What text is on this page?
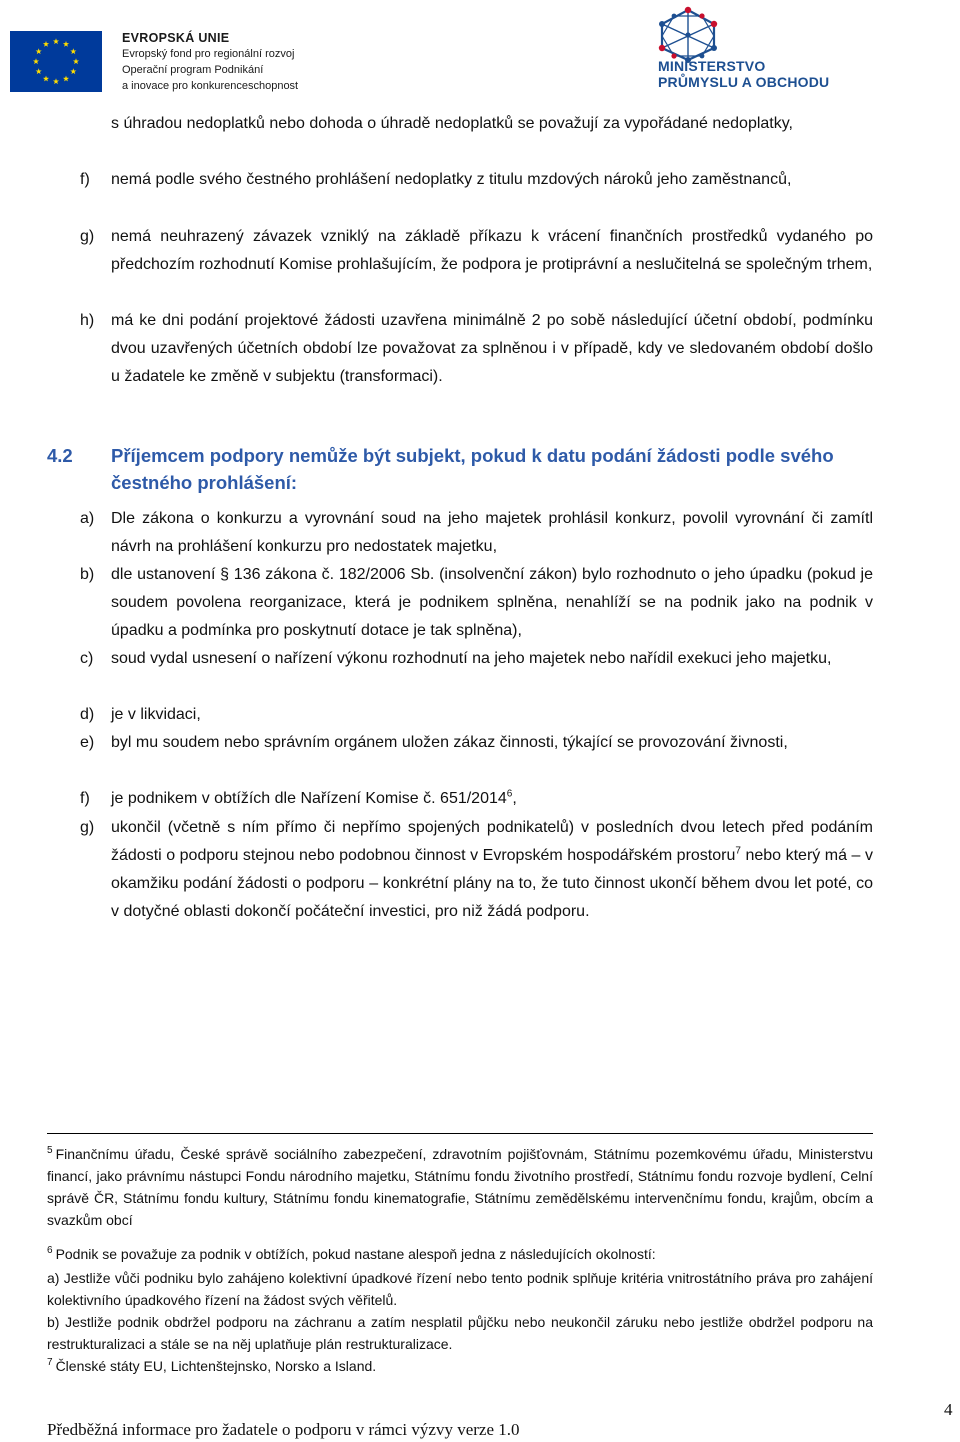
EVROPSKÁ UNIE
Evropský fond pro regionální rozvoj
Operační program Podnikání
a inovace pro konkurenceschopnost
MINISTERSTVO
PRŮMYSLU A OBCHODU
s úhradou nedoplatků nebo dohoda o úhradě nedoplatků se považují za vypořádané nedoplatky,
f) nemá podle svého čestného prohlášení nedoplatky z titulu mzdových nároků jeho zaměstnanců,
g) nemá neuhrazený závazek vzniklý na základě příkazu k vrácení finančních prostředků vydaného po předchozím rozhodnutí Komise prohlašujícím, že podpora je protiprávní a neslučitelná se společným trhem,
h) má ke dni podání projektové žádosti uzavřena minimálně 2 po sobě následující účetní období, podmínku dvou uzavřených účetních období lze považovat za splněnou i v případě, kdy ve sledovaném období došlo u žadatele ke změně v subjektu (transformaci).
4.2 Příjemcem podpory nemůže být subjekt, pokud k datu podání žádosti podle svého čestného prohlášení:
a) Dle zákona o konkurzu a vyrovnání soud na jeho majetek prohlásil konkurz, povolil vyrovnání či zamítl návrh na prohlášení konkurzu pro nedostatek majetku,
b) dle ustanovení § 136 zákona č. 182/2006 Sb. (insolvenční zákon) bylo rozhodnuto o jeho úpadku (pokud je soudem povolena reorganizace, která je podnikem splněna, nenahlíží se na podnik jako na podnik v úpadku a podmínka pro poskytnutí dotace je tak splněna),
c) soud vydal usnesení o nařízení výkonu rozhodnutí na jeho majetek nebo nařídil exekuci jeho majetku,
d) je v likvidaci,
e) byl mu soudem nebo správním orgánem uložen zákaz činnosti, týkající se provozování živnosti,
f) je podnikem v obtížích dle Nařízení Komise č. 651/2014$^6$,
g) ukončil (včetně s ním přímo či nepřímo spojených podnikatelů) v posledních dvou letech před podáním žádosti o podporu stejnou nebo podobnou činnost v Evropském hospodářském prostoru$^7$ nebo který má – v okamžiku podání žádosti o podporu – konkrétní plány na to, že tuto činnost ukončí během dvou let poté, co v dotyčné oblasti dokončí počáteční investici, pro niž žádá podporu.
$^5$ Finančnímu úřadu, České správě sociálního zabezpečení, zdravotním pojišťovnám, Státnímu pozemkovému úřadu, Ministerstvu financí, jako právnímu nástupci Fondu národního majetku, Státnímu fondu životního prostředí, Státnímu fondu rozvoje bydlení, Celní správě ČR, Státnímu fondu kultury, Státnímu fondu kinematografie, Státnímu zemědělskému intervenčnímu fondu, krajům, obcím a svazkům obcí
$^6$ Podnik se považuje za podnik v obtížích, pokud nastane alespoň jedna z následujících okolností:
a) Jestliže vůči podniku bylo zahájeno kolektivní úpadkové řízení nebo tento podnik splňuje kritéria vnitrostátního práva pro zahájení kolektivního úpadkového řízení na žádost svých věřitelů.
b) Jestliže podnik obdržel podporu na záchranu a zatím nesplatil půjčku nebo neukončil záruku nebo jestliže obdržel podporu na restrukturalizaci a stále se na něj uplatňuje plán restrukturalizace.
$^7$ Členské státy EU, Lichtenštejnsko, Norsko a Island.
Předběžná informace pro žadatele o podporu v rámci výzvy verze 1.0
4
